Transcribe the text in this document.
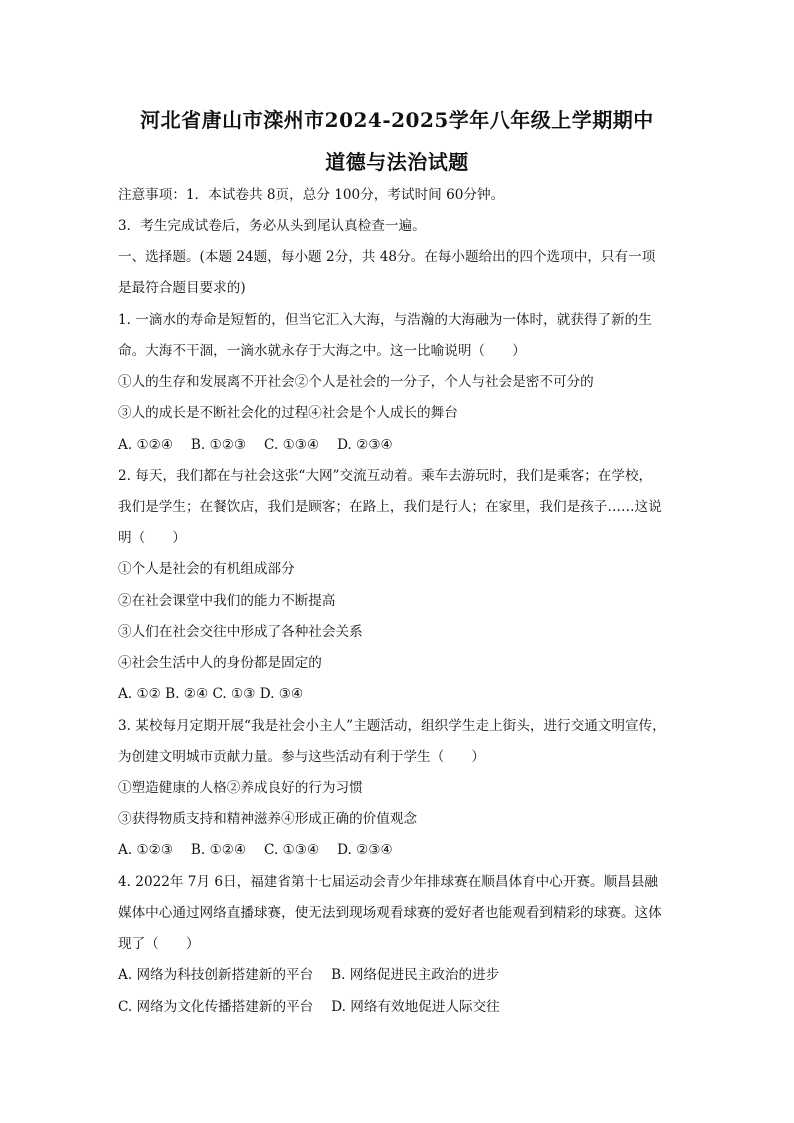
河北省唐山市滦州市2024-2025学年八年级上学期期中
道德与法治试题
注意事项：1．本试卷共 8页，总分 100分，考试时间 60分钟。
3．考生完成试卷后，务必从头到尾认真检查一遍。
一、选择题。(本题 24题，每小题 2分，共 48分。在每小题给出的四个选项中，只有一项
是最符合题目要求的)
1. 一滴水的寿命是短暂的，但当它汇入大海，与浩瀚的大海融为一体时，就获得了新的生
命。大海不干涸，一滴水就永存于大海之中。这一比喻说明（　　）
①人的生存和发展离不开社会②个人是社会的一分子，个人与社会是密不可分的
③人的成长是不断社会化的过程④社会是个人成长的舞台
A. ①②④　 B. ①②③　 C. ①③④　 D. ②③④
2. 每天，我们都在与社会这张“大网”交流互动着。乘车去游玩时，我们是乘客；在学校，
我们是学生；在餐饮店，我们是顾客；在路上，我们是行人；在家里，我们是孩子……这说
明（　　）
①个人是社会的有机组成部分
②在社会课堂中我们的能力不断提高
③人们在社会交往中形成了各种社会关系
④社会生活中人的身份都是固定的
A. ①② B. ②④ C. ①③ D. ③④
3. 某校每月定期开展“我是社会小主人”主题活动，组织学生走上街头，进行交通文明宣传，
为创建文明城市贡献力量。参与这些活动有利于学生（　　）
①塑造健康的人格②养成良好的行为习惯
③获得物质支持和精神滋养④形成正确的价值观念
A. ①②③　 B. ①②④　 C. ①③④　 D. ②③④
4. 2022年 7月 6日，福建省第十七届运动会青少年排球赛在顺昌体育中心开赛。顺昌县融
媒体中心通过网络直播球赛，使无法到现场观看球赛的爱好者也能观看到精彩的球赛。这体
现了（　　）
A. 网络为科技创新搭建新的平台　 B. 网络促进民主政治的进步
C. 网络为文化传播搭建新的平台　 D. 网络有效地促进人际交往
